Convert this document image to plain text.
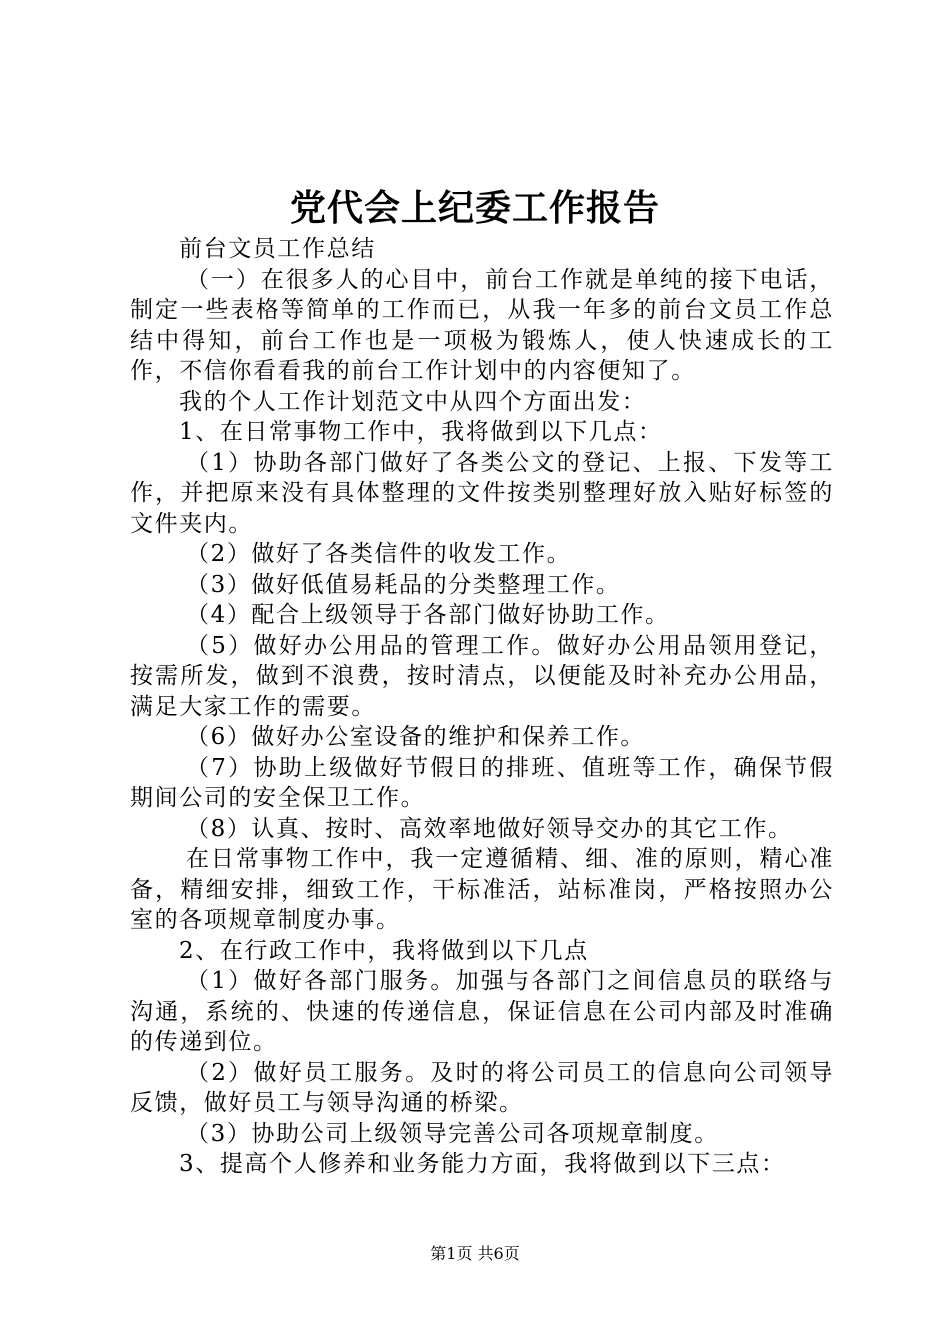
党代会上纪委工作报告

前台文员工作总结

（一）在很多人的心目中，前台工作就是单纯的接下电话，制定一些表格等简单的工作而已，从我一年多的前台文员工作总结中得知，前台工作也是一项极为锻炼人，使人快速成长的工作，不信你看看我的前台工作计划中的内容便知了。

我的个人工作计划范文中从四个方面出发：

1、在日常事物工作中，我将做到以下几点：

（1）协助各部门做好了各类公文的登记、上报、下发等工作，并把原来没有具体整理的文件按类别整理好放入贴好标签的文件夹内。

（2）做好了各类信件的收发工作。

（3）做好低值易耗品的分类整理工作。

（4）配合上级领导于各部门做好协助工作。

（5）做好办公用品的管理工作。做好办公用品领用登记，按需所发，做到不浪费，按时清点，以便能及时补充办公用品，满足大家工作的需要。

（6）做好办公室设备的维护和保养工作。

（7）协助上级做好节假日的排班、值班等工作，确保节假期间公司的安全保卫工作。

（8）认真、按时、高效率地做好领导交办的其它工作。

在日常事物工作中，我一定遵循精、细、准的原则，精心准备，精细安排，细致工作，干标准活，站标准岗，严格按照办公室的各项规章制度办事。

2、在行政工作中，我将做到以下几点

（1）做好各部门服务。加强与各部门之间信息员的联络与沟通，系统的、快速的传递信息，保证信息在公司内部及时准确的传递到位。

（2）做好员工服务。及时的将公司员工的信息向公司领导反馈，做好员工与领导沟通的桥梁。

（3）协助公司上级领导完善公司各项规章制度。

3、提高个人修养和业务能力方面，我将做到以下三点：

第1页 共6页
